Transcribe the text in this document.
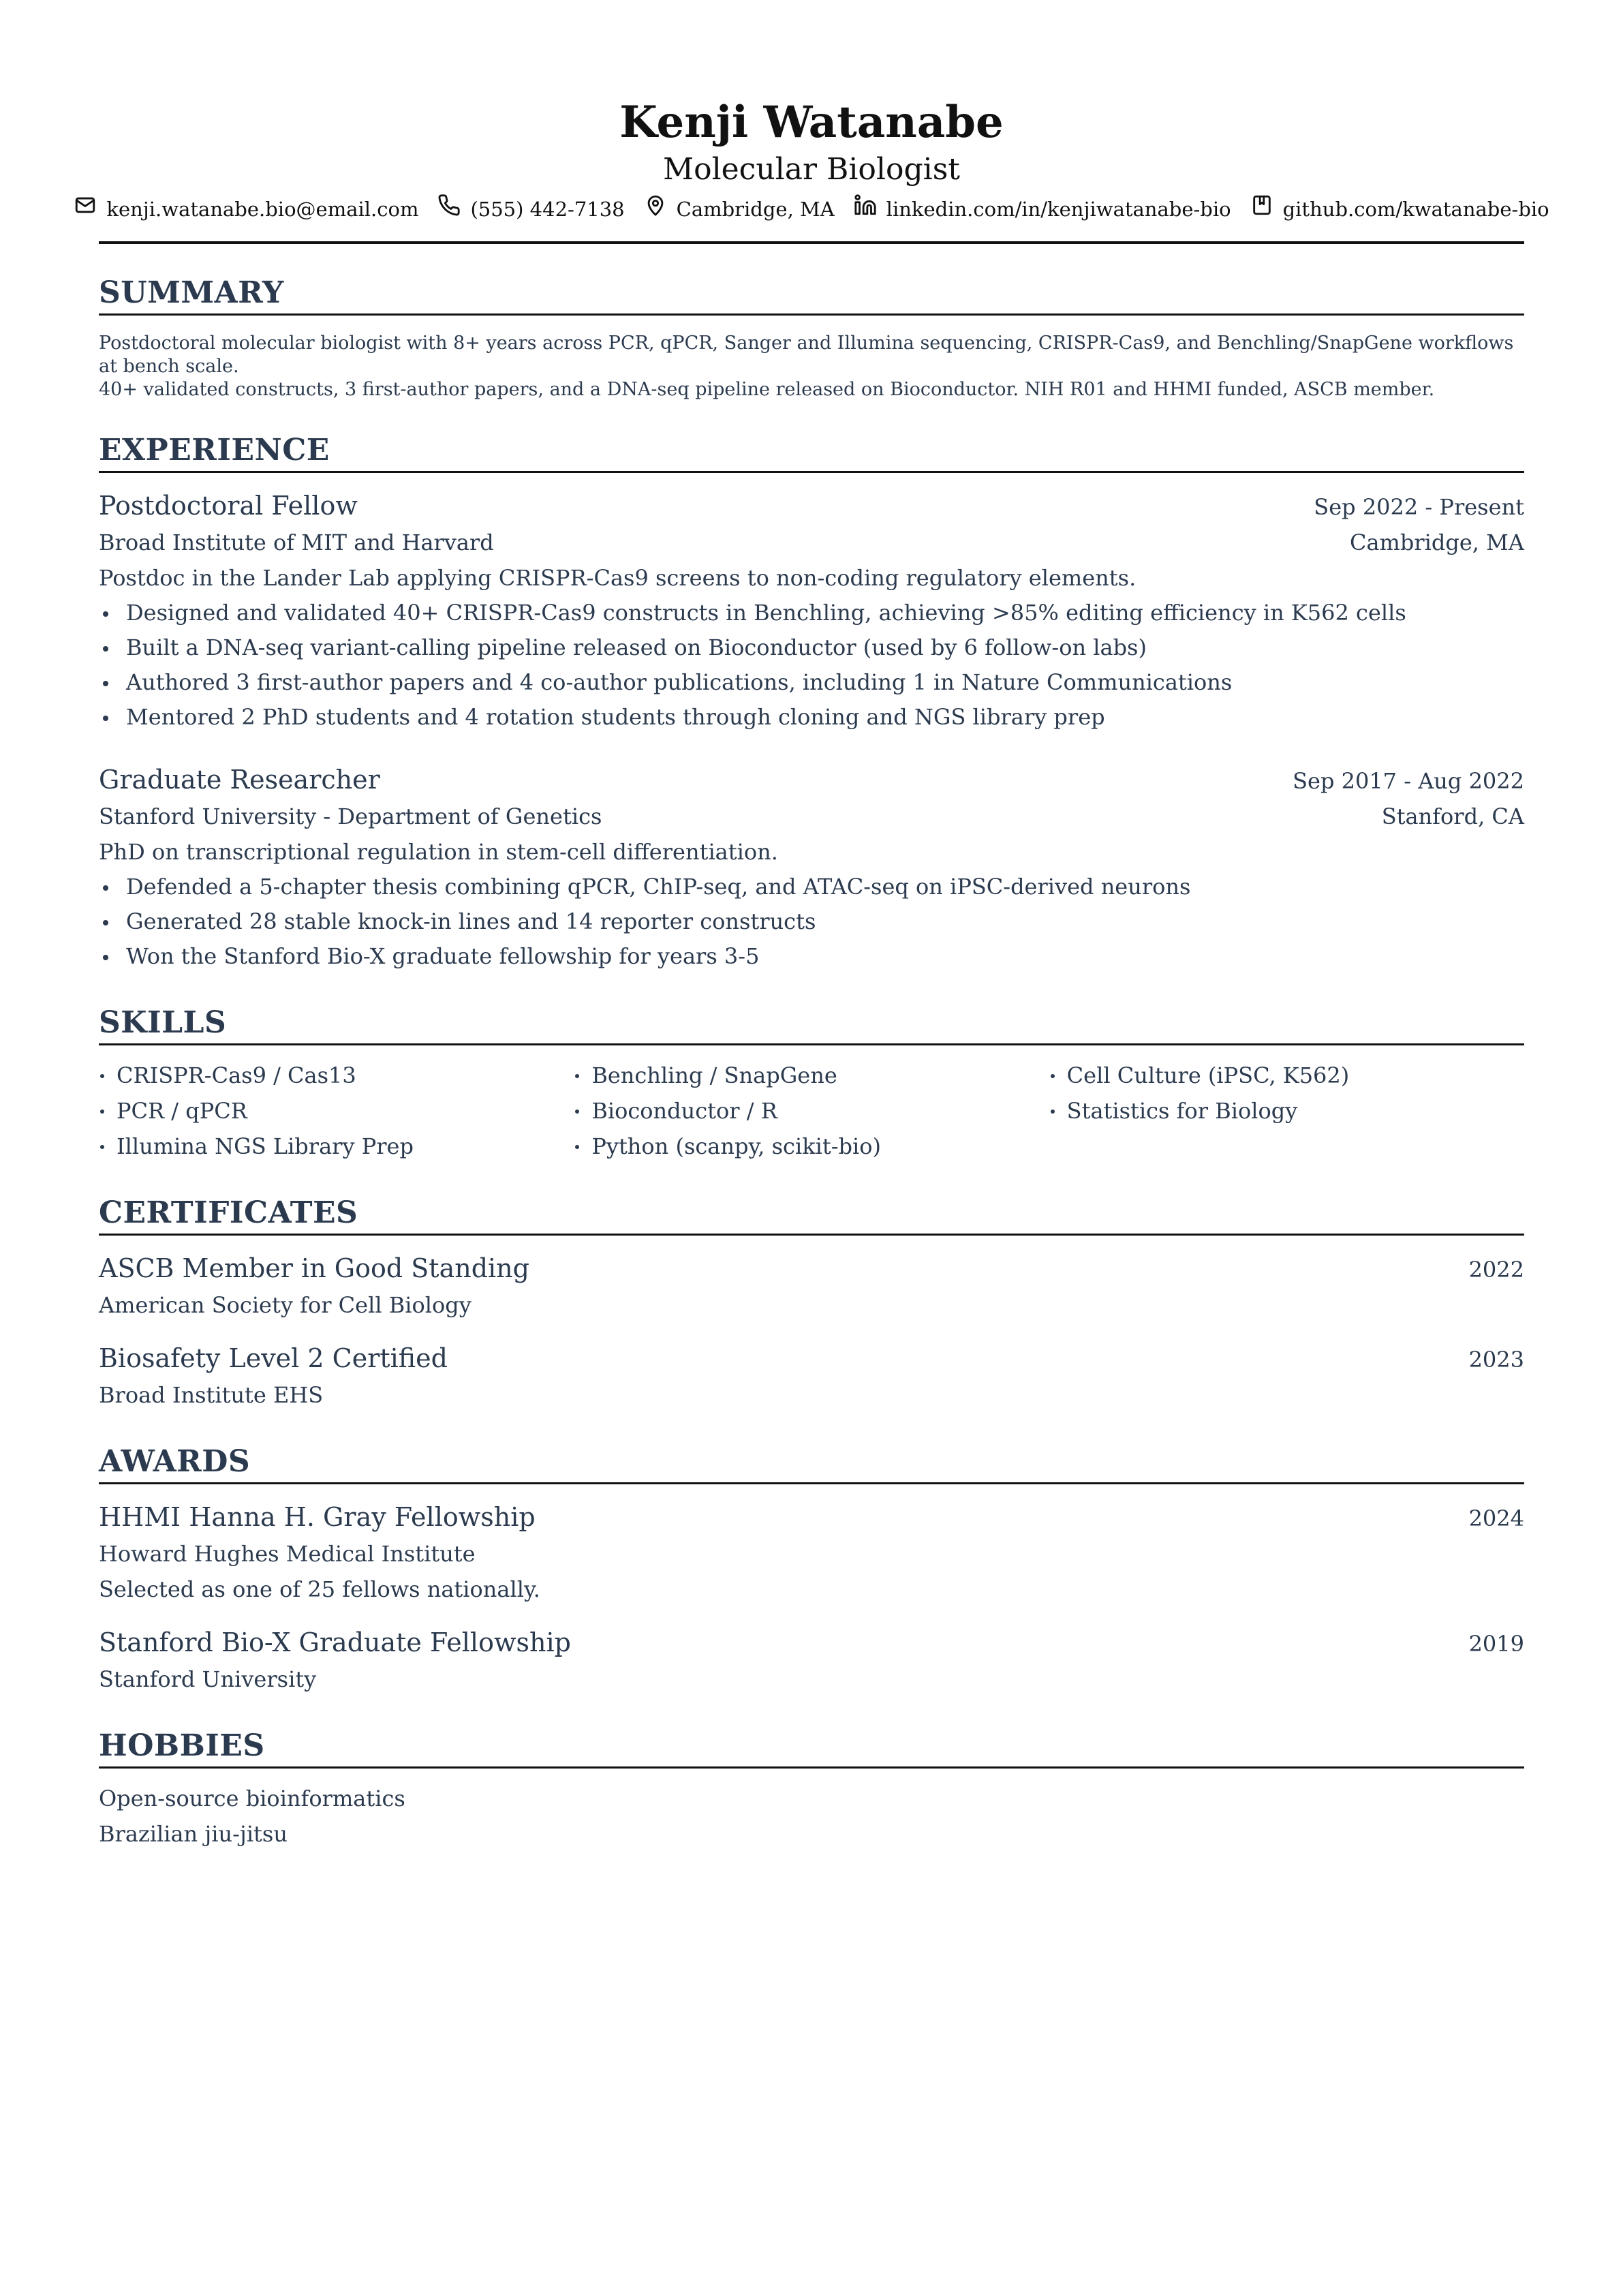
Kenji Watanabe
Molecular Biologist
kenji.watanabe.bio@email.com	(555) 442-7138	Cambridge, MA	linkedin.com/in/kenjiwatanabe-bio	github.com/kwatanabe-bio
SUMMARY
Postdoctoral molecular biologist with 8+ years across PCR, qPCR, Sanger and Illumina sequencing, CRISPR-Cas9, and Benchling/SnapGene workflows at bench scale.
40+ validated constructs, 3 first-author papers, and a DNA-seq pipeline released on Bioconductor. NIH R01 and HHMI funded, ASCB member.
EXPERIENCE
Postdoctoral Fellow	Sep 2022 - Present
Broad Institute of MIT and Harvard	Cambridge, MA
Postdoc in the Lander Lab applying CRISPR-Cas9 screens to non-coding regulatory elements.
Designed and validated 40+ CRISPR-Cas9 constructs in Benchling, achieving >85% editing efficiency in K562 cells
Built a DNA-seq variant-calling pipeline released on Bioconductor (used by 6 follow-on labs)
Authored 3 first-author papers and 4 co-author publications, including 1 in Nature Communications
Mentored 2 PhD students and 4 rotation students through cloning and NGS library prep
Graduate Researcher	Sep 2017 - Aug 2022
Stanford University - Department of Genetics	Stanford, CA
PhD on transcriptional regulation in stem-cell differentiation.
Defended a 5-chapter thesis combining qPCR, ChIP-seq, and ATAC-seq on iPSC-derived neurons
Generated 28 stable knock-in lines and 14 reporter constructs
Won the Stanford Bio-X graduate fellowship for years 3-5
SKILLS
CRISPR-Cas9 / Cas13	Benchling / SnapGene	Cell Culture (iPSC, K562)
PCR / qPCR	Bioconductor / R	Statistics for Biology
Illumina NGS Library Prep	Python (scanpy, scikit-bio)
CERTIFICATES
ASCB Member in Good Standing	2022
American Society for Cell Biology
Biosafety Level 2 Certified	2023
Broad Institute EHS
AWARDS
HHMI Hanna H. Gray Fellowship	2024
Howard Hughes Medical Institute
Selected as one of 25 fellows nationally.
Stanford Bio-X Graduate Fellowship	2019
Stanford University
HOBBIES
Open-source bioinformatics
Brazilian jiu-jitsu
